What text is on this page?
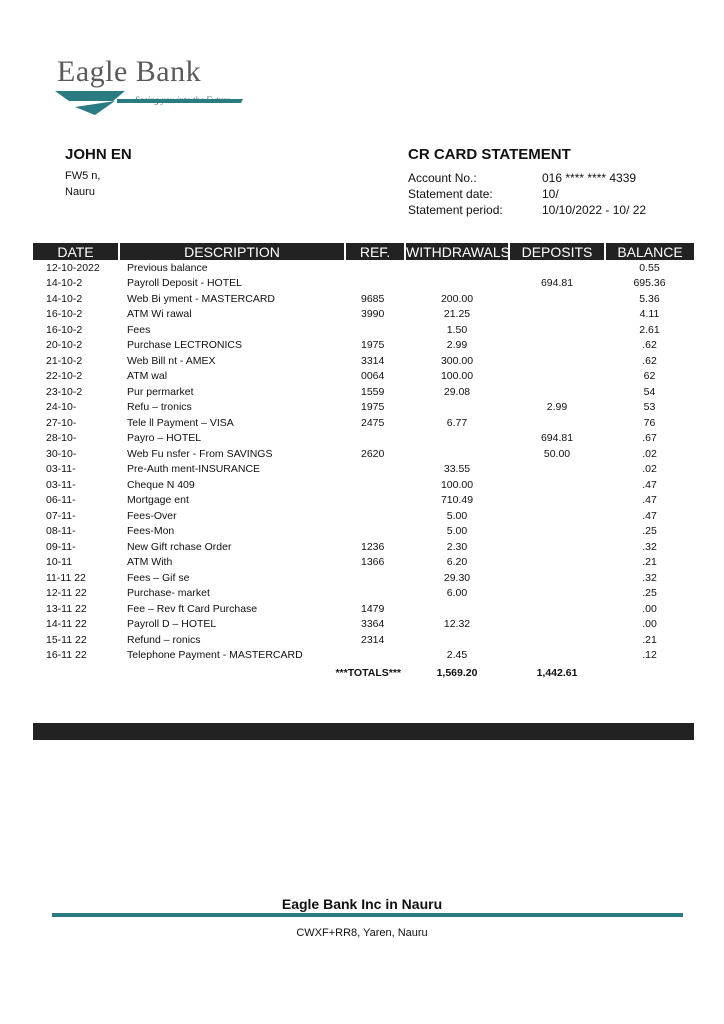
Eagle Bank
Seeing you into the Future
JOHN EN
FW5 n,
Nauru
CR CARD STATEMENT
Account No.:	016 **** **** 4339
Statement date:	10/
Statement period:	10/10/2022 - 10/ 22
DATE	DESCRIPTION	REF.	WITHDRAWALS	DEPOSITS	BALANCE
12-10-2022	Previous balance				0.55
14-10-2	Payroll Deposit - HOTEL			694.81	695.36
14-10-2	Web Bi yment - MASTERCARD	9685	200.00		5.36
16-10-2	ATM Wi rawal	3990	21.25		4.11
16-10-2	Fees		1.50		2.61
20-10-2	Purchase LECTRONICS	1975	2.99		.62
21-10-2	Web Bill nt - AMEX	3314	300.00		.62
22-10-2	ATM wal	0064	100.00		62
23-10-2	Pur permarket	1559	29.08		54
24-10-	Refu – tronics	1975		2.99	53
27-10-	Tele ll Payment – VISA	2475	6.77		76
28-10-	Payro – HOTEL			694.81	.67
30-10-	Web Fu nsfer - From SAVINGS	2620		50.00	.02
03-11-	Pre-Auth ment-INSURANCE		33.55		.02
03-11-	Cheque N 409		100.00		.47
06-11-	Mortgage ent		710.49		.47
07-11-	Fees-Over		5.00		.47
08-11-	Fees-Mon		5.00		.25
09-11-	New Gift rchase Order	1236	2.30		.32
10-11	ATM With	1366	6.20		.21
11-11 22	Fees – Gif se		29.30		.32
12-11 22	Purchase- market		6.00		.25
13-11 22	Fee – Rev ft Card Purchase	1479			.00
14-11 22	Payroll D – HOTEL	3364	12.32		.00
15-11 22	Refund – ronics	2314			.21
16-11 22	Telephone Payment - MASTERCARD		2.45		.12
	***TOTALS***		1,569.20	1,442.61	
Eagle Bank Inc in Nauru
CWXF+RR8, Yaren, Nauru
